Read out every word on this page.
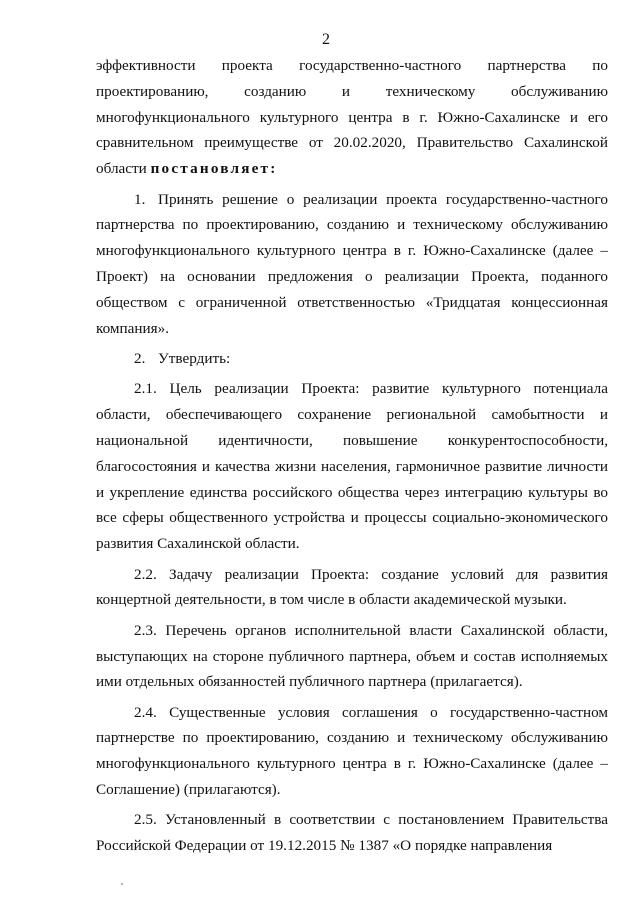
2

эффективности проекта государственно-частного партнерства по проектированию, созданию и техническому обслуживанию многофункционального культурного центра в г. Южно-Сахалинске и его сравнительном преимуществе от 20.02.2020, Правительство Сахалинской области постановляет:

1. Принять решение о реализации проекта государственно-частного партнерства по проектированию, созданию и техническому обслуживанию многофункционального культурного центра в г. Южно-Сахалинске (далее – Проект) на основании предложения о реализации Проекта, поданного обществом с ограниченной ответственностью «Тридцатая концессионная компания».

2. Утвердить:

2.1. Цель реализации Проекта: развитие культурного потенциала области, обеспечивающего сохранение региональной самобытности и национальной идентичности, повышение конкурентоспособности, благосостояния и качества жизни населения, гармоничное развитие личности и укрепление единства российского общества через интеграцию культуры во все сферы общественного устройства и процессы социально-экономического развития Сахалинской области.

2.2. Задачу реализации Проекта: создание условий для развития концертной деятельности, в том числе в области академической музыки.

2.3. Перечень органов исполнительной власти Сахалинской области, выступающих на стороне публичного партнера, объем и состав исполняемых ими отдельных обязанностей публичного партнера (прилагается).

2.4. Существенные условия соглашения о государственно-частном партнерстве по проектированию, созданию и техническому обслуживанию многофункционального культурного центра в г. Южно-Сахалинске (далее – Соглашение) (прилагаются).

2.5. Установленный в соответствии с постановлением Правительства Российской Федерации от 19.12.2015 № 1387 «О порядке направления
